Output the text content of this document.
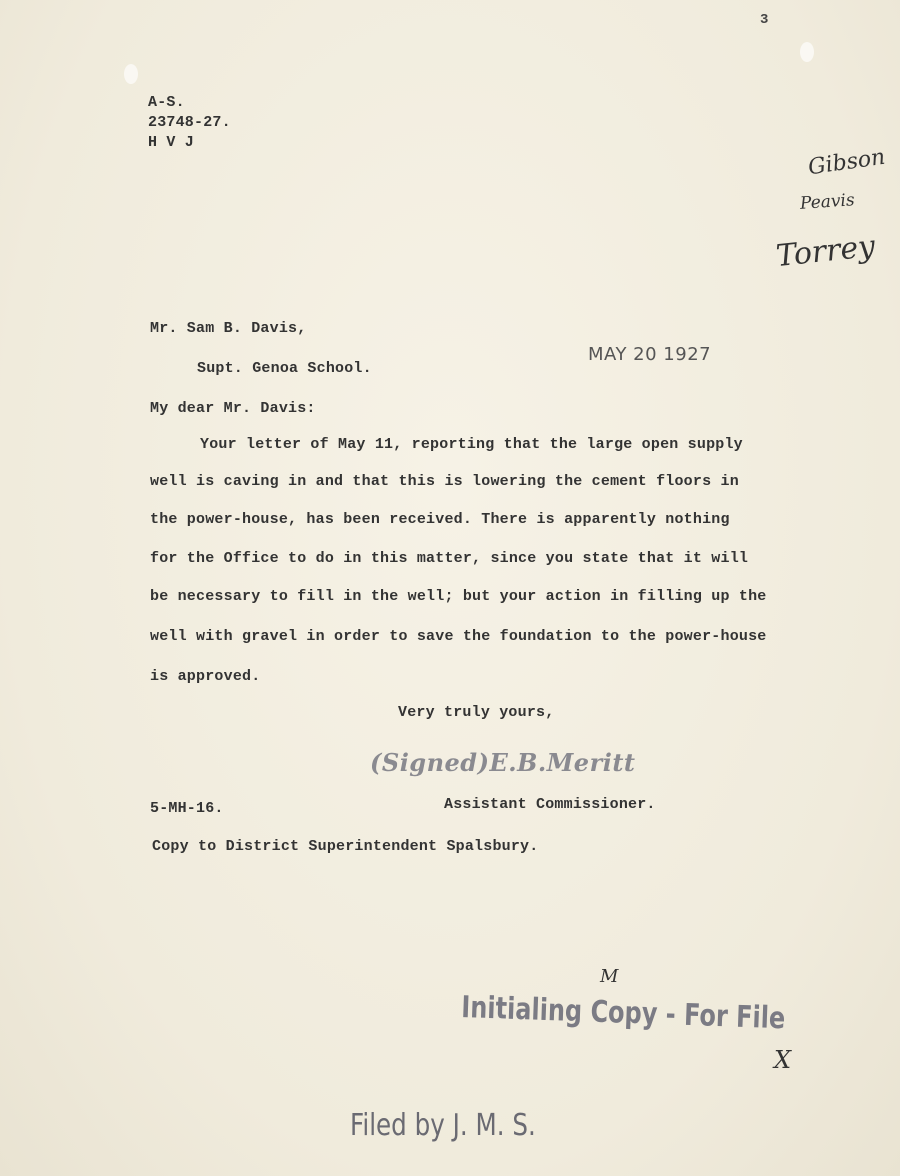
3
A-S.
23748-27.
H V J
Gibson
Peavis
Torrey
Mr. Sam B. Davis,
Supt. Genoa School.
MAY 20 1927
My dear Mr. Davis:
Your letter of May 11, reporting that the large open supply
well is caving in and that this is lowering the cement floors in
the power-house, has been received. There is apparently nothing
for the Office to do in this matter, since you state that it will
be necessary to fill in the well; but your action in filling up the
well with gravel in order to save the foundation to the power-house
is approved.
Very truly yours,
(Signed)E.B.Meritt
5-MH-16.	Assistant Commissioner.
Copy to District Superintendent Spalsbury.
M
Initialing Copy - For File
X
Filed by J. M. S.
